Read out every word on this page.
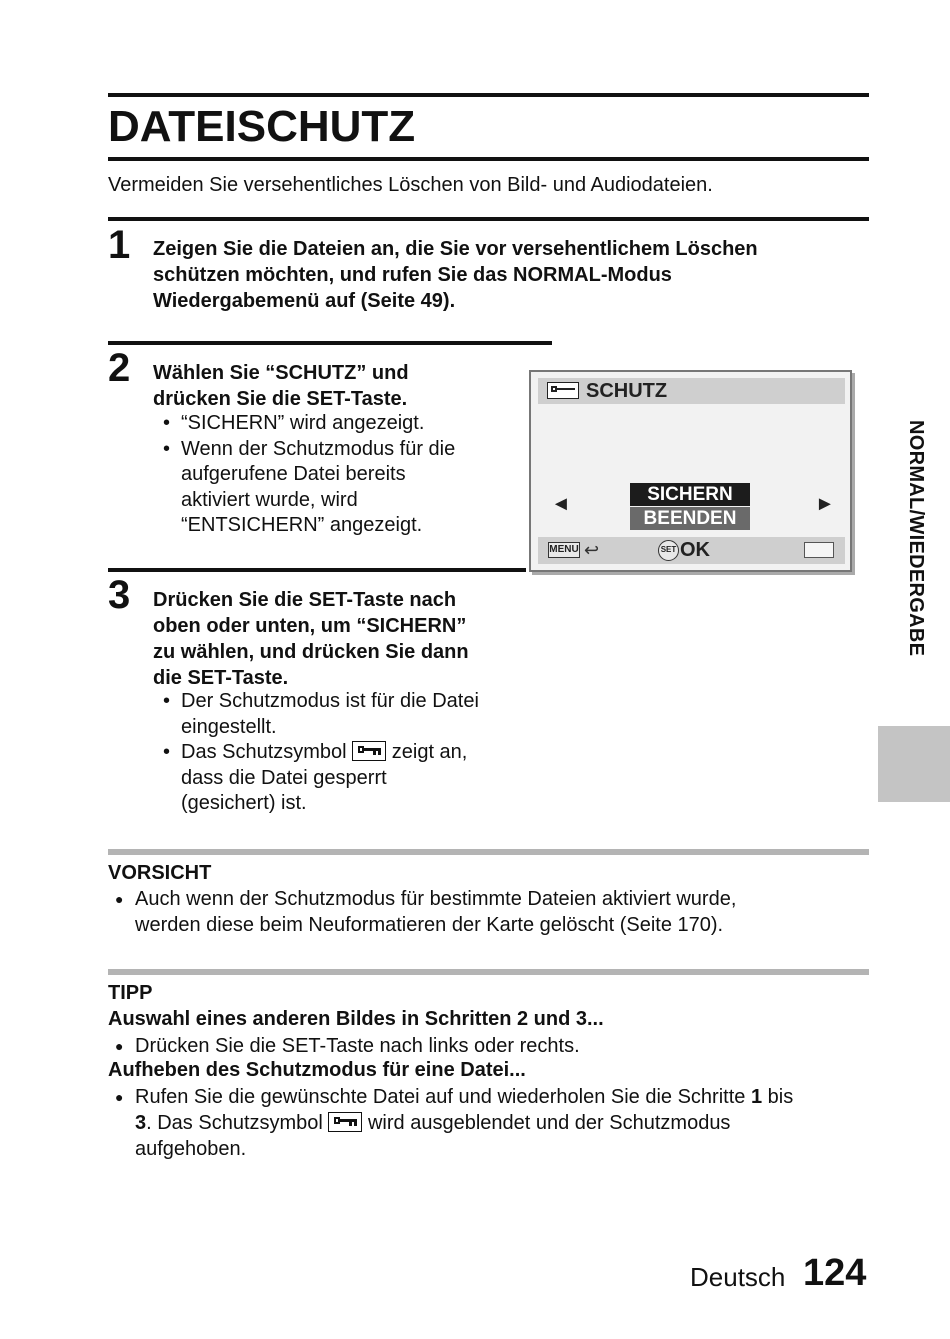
DATEISCHUTZ
Vermeiden Sie versehentliches Löschen von Bild- und Audiodateien.
1 Zeigen Sie die Dateien an, die Sie vor versehentlichem Löschen
schützen möchten, und rufen Sie das NORMAL-Modus
Wiedergabemenü auf (Seite 49).
2 Wählen Sie “SCHUTZ” und
drücken Sie die SET-Taste.
• “SICHERN” wird angezeigt.
• Wenn der Schutzmodus für die
aufgerufene Datei bereits
aktiviert wurde, wird
“ENTSICHERN” angezeigt.
SCHUTZ
◄	►
SICHERN
BEENDEN
MENU ↩	SET OK
3 Drücken Sie die SET-Taste nach
oben oder unten, um “SICHERN”
zu wählen, und drücken Sie dann
die SET-Taste.
• Der Schutzmodus ist für die Datei
eingestellt.
• Das Schutzsymbol zeigt an,
dass die Datei gesperrt
(gesichert) ist.
NORMAL/WIEDERGABE
VORSICHT
● Auch wenn der Schutzmodus für bestimmte Dateien aktiviert wurde,
werden diese beim Neuformatieren der Karte gelöscht (Seite 170).
TIPP
Auswahl eines anderen Bildes in Schritten 2 und 3...
● Drücken Sie die SET-Taste nach links oder rechts.
Aufheben des Schutzmodus für eine Datei...
● Rufen Sie die gewünschte Datei auf und wiederholen Sie die Schritte 1 bis
3. Das Schutzsymbol wird ausgeblendet und der Schutzmodus
aufgehoben.
Deutsch 124
